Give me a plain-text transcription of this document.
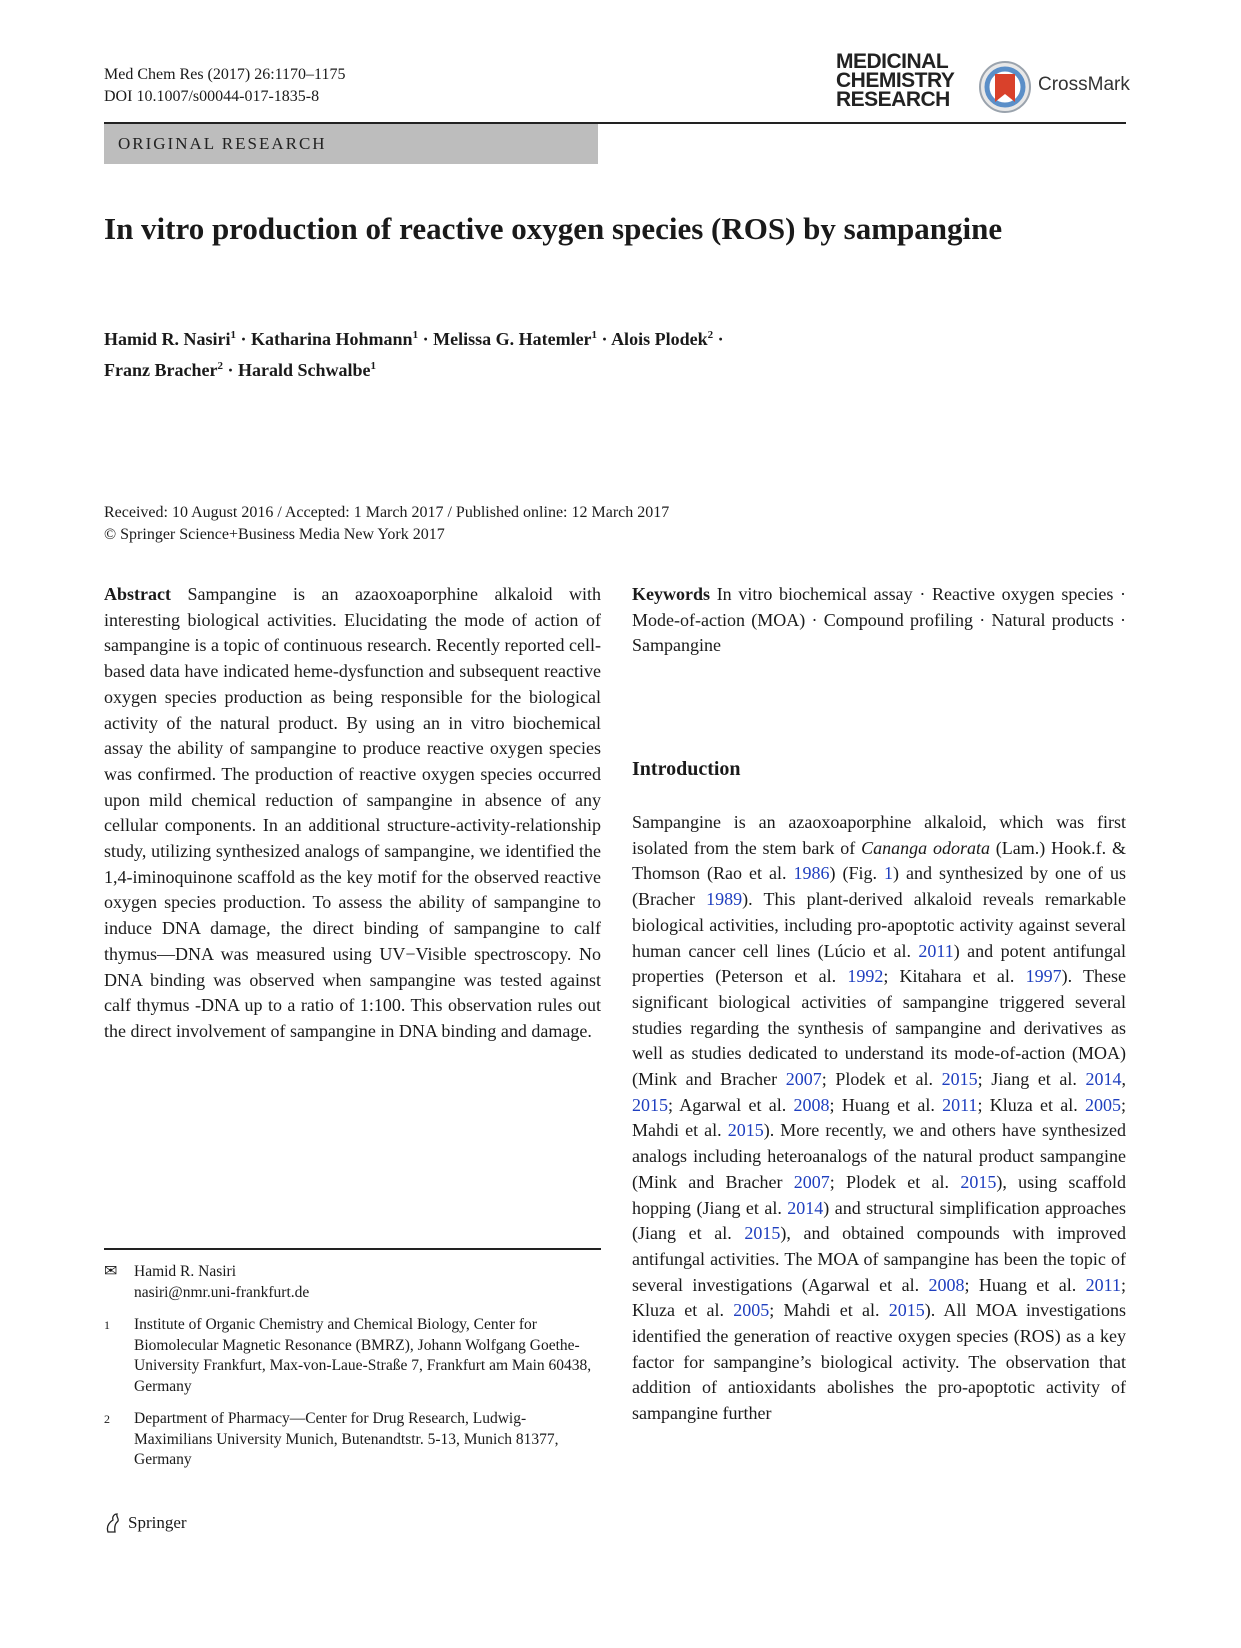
Med Chem Res (2017) 26:1170–1175
DOI 10.1007/s00044-017-1835-8
MEDICINAL
CHEMISTRY
RESEARCH
CrossMark
ORIGINAL RESEARCH
In vitro production of reactive oxygen species (ROS) by sampangine
Hamid R. Nasiri$^1$ · Katharina Hohmann$^1$ · Melissa G. Hatemler$^1$ · Alois Plodek$^2$ ·
Franz Bracher$^2$ · Harald Schwalbe$^1$
Received: 10 August 2016 / Accepted: 1 March 2017 / Published online: 12 March 2017
© Springer Science+Business Media New York 2017
Abstract Sampangine is an azaoxoaporphine alkaloid with interesting biological activities. Elucidating the mode of action of sampangine is a topic of continuous research. Recently reported cell-based data have indicated heme-dysfunction and subsequent reactive oxygen species production as being responsible for the biological activity of the natural product. By using an in vitro biochemical assay the ability of sampangine to produce reactive oxygen species was confirmed. The production of reactive oxygen species occurred upon mild chemical reduction of sampangine in absence of any cellular components. In an additional structure-activity-relationship study, utilizing synthesized analogs of sampangine, we identified the 1,4-iminoquinone scaffold as the key motif for the observed reactive oxygen species production. To assess the ability of sampangine to induce DNA damage, the direct binding of sampangine to calf thymus—DNA was measured using UV−Visible spectroscopy. No DNA binding was observed when sampangine was tested against calf thymus -DNA up to a ratio of 1:100. This observation rules out the direct involvement of sampangine in DNA binding and damage.
Keywords In vitro biochemical assay · Reactive oxygen species · Mode-of-action (MOA) · Compound profiling · Natural products · Sampangine
Introduction
Sampangine is an azaoxoaporphine alkaloid, which was first isolated from the stem bark of Cananga odorata (Lam.) Hook.f. & Thomson (Rao et al. 1986) (Fig. 1) and synthesized by one of us (Bracher 1989). This plant-derived alkaloid reveals remarkable biological activities, including pro-apoptotic activity against several human cancer cell lines (Lúcio et al. 2011) and potent antifungal properties (Peterson et al. 1992; Kitahara et al. 1997). These significant biological activities of sampangine triggered several studies regarding the synthesis of sampangine and derivatives as well as studies dedicated to understand its mode-of-action (MOA) (Mink and Bracher 2007; Plodek et al. 2015; Jiang et al. 2014, 2015; Agarwal et al. 2008; Huang et al. 2011; Kluza et al. 2005; Mahdi et al. 2015). More recently, we and others have synthesized analogs including heteroanalogs of the natural product sampangine (Mink and Bracher 2007; Plodek et al. 2015), using scaffold hopping (Jiang et al. 2014) and structural simplification approaches (Jiang et al. 2015), and obtained compounds with improved antifungal activities. The MOA of sampangine has been the topic of several investigations (Agarwal et al. 2008; Huang et al. 2011; Kluza et al. 2005; Mahdi et al. 2015). All MOA investigations identified the generation of reactive oxygen species (ROS) as a key factor for sampangine’s biological activity. The observation that addition of antioxidants abolishes the pro-apoptotic activity of sampangine further
✉	Hamid R. Nasiri
nasiri@nmr.uni-frankfurt.de
1	Institute of Organic Chemistry and Chemical Biology, Center for Biomolecular Magnetic Resonance (BMRZ), Johann Wolfgang Goethe-University Frankfurt, Max-von-Laue-Straße 7, Frankfurt am Main 60438, Germany
2	Department of Pharmacy—Center for Drug Research, Ludwig-Maximilians University Munich, Butenandtstr. 5-13, Munich 81377, Germany
Springer
